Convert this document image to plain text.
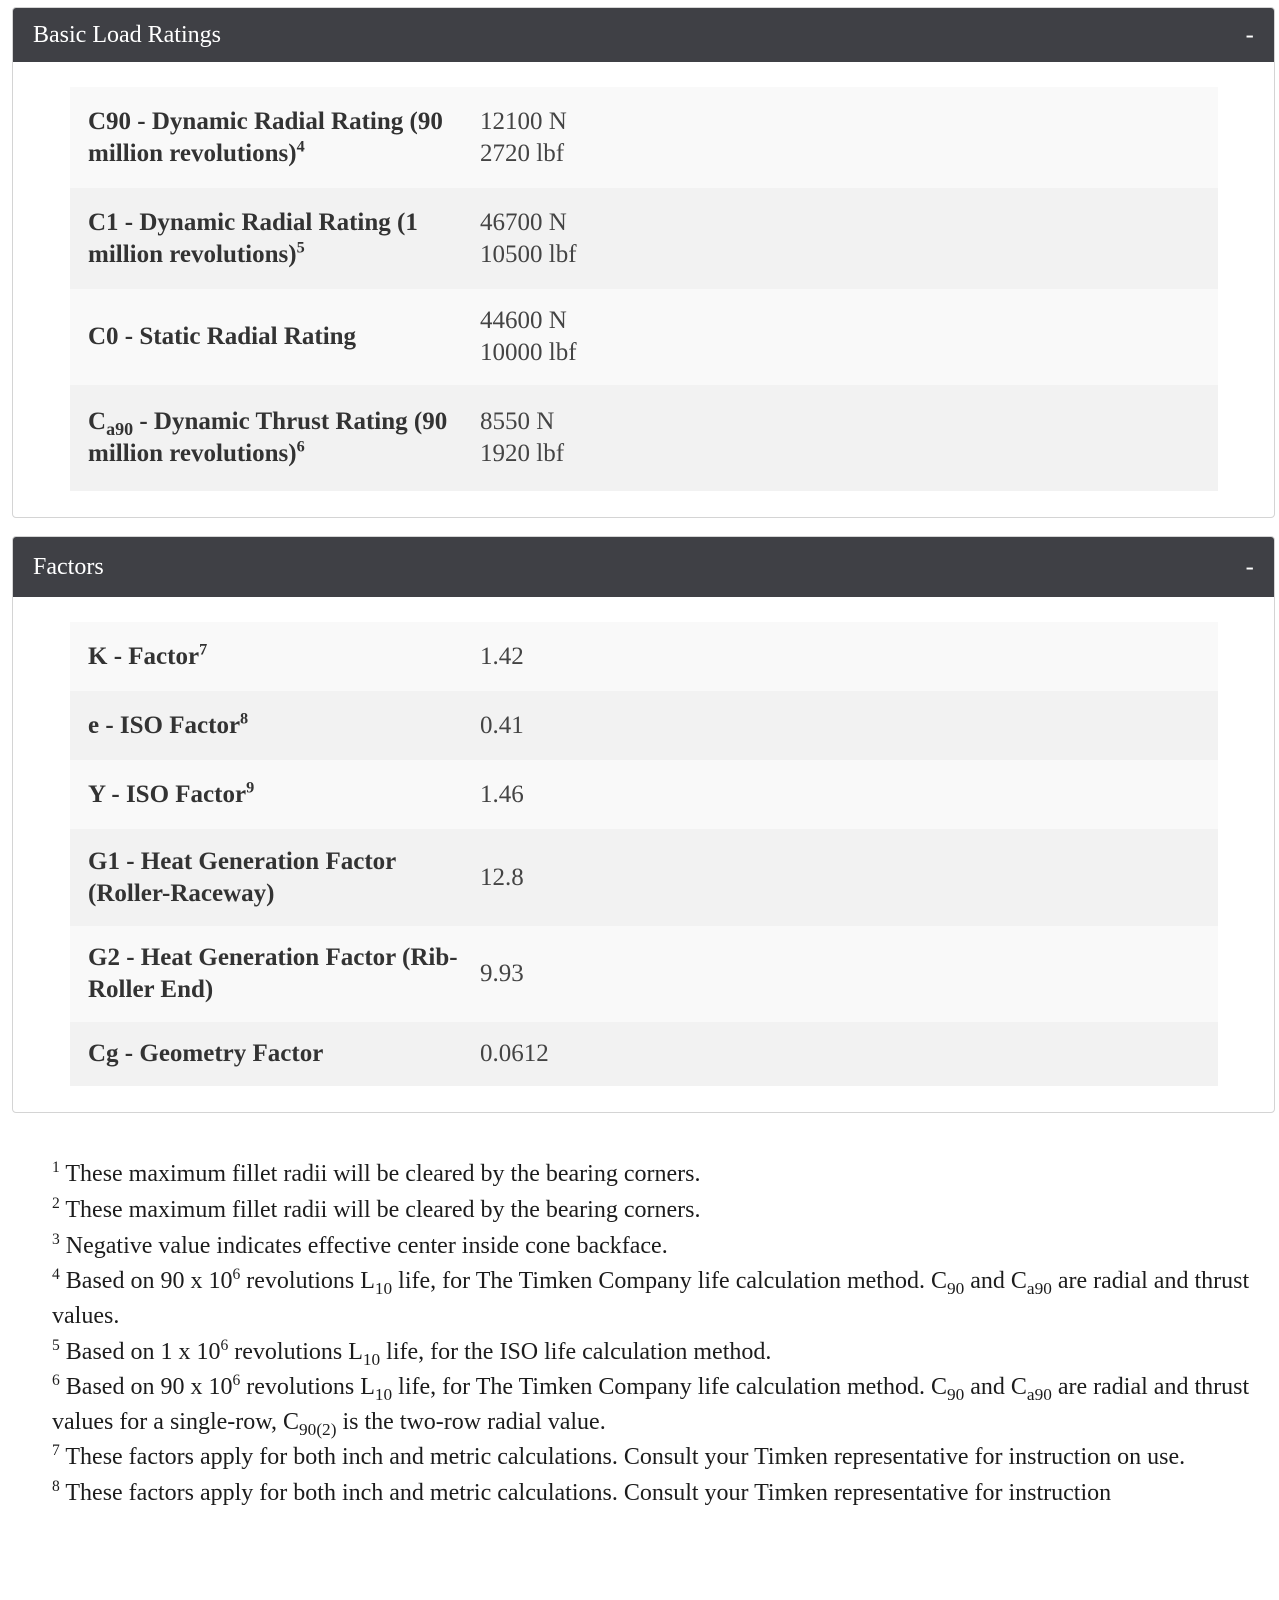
Basic Load Ratings	-
C90 - Dynamic Radial Rating (90 million revolutions)$^4$	12100 N
2720 lbf
C1 - Dynamic Radial Rating (1 million revolutions)$^5$	46700 N
10500 lbf
C0 - Static Radial Rating	44600 N
10000 lbf
$C_{a90}$ - Dynamic Thrust Rating (90 million revolutions)$^6$	8550 N
1920 lbf
Factors	-
K - Factor$^7$	1.42
e - ISO Factor$^8$	0.41
Y - ISO Factor$^9$	1.46
G1 - Heat Generation Factor (Roller-Raceway)	12.8
G2 - Heat Generation Factor (Rib-Roller End)	9.93
Cg - Geometry Factor	0.0612
$^1$ These maximum fillet radii will be cleared by the bearing corners.
$^2$ These maximum fillet radii will be cleared by the bearing corners.
$^3$ Negative value indicates effective center inside cone backface.
$^4$ Based on 90 x $10^6$ revolutions $L_{10}$ life, for The Timken Company life calculation method. $C_{90}$ and $C_{a90}$ are radial and thrust values.
$^5$ Based on 1 x $10^6$ revolutions $L_{10}$ life, for the ISO life calculation method.
$^6$ Based on 90 x $10^6$ revolutions $L_{10}$ life, for The Timken Company life calculation method. $C_{90}$ and $C_{a90}$ are radial and thrust values for a single-row, $C_{90(2)}$ is the two-row radial value.
$^7$ These factors apply for both inch and metric calculations. Consult your Timken representative for instruction on use.
$^8$ These factors apply for both inch and metric calculations. Consult your Timken representative for instruction
